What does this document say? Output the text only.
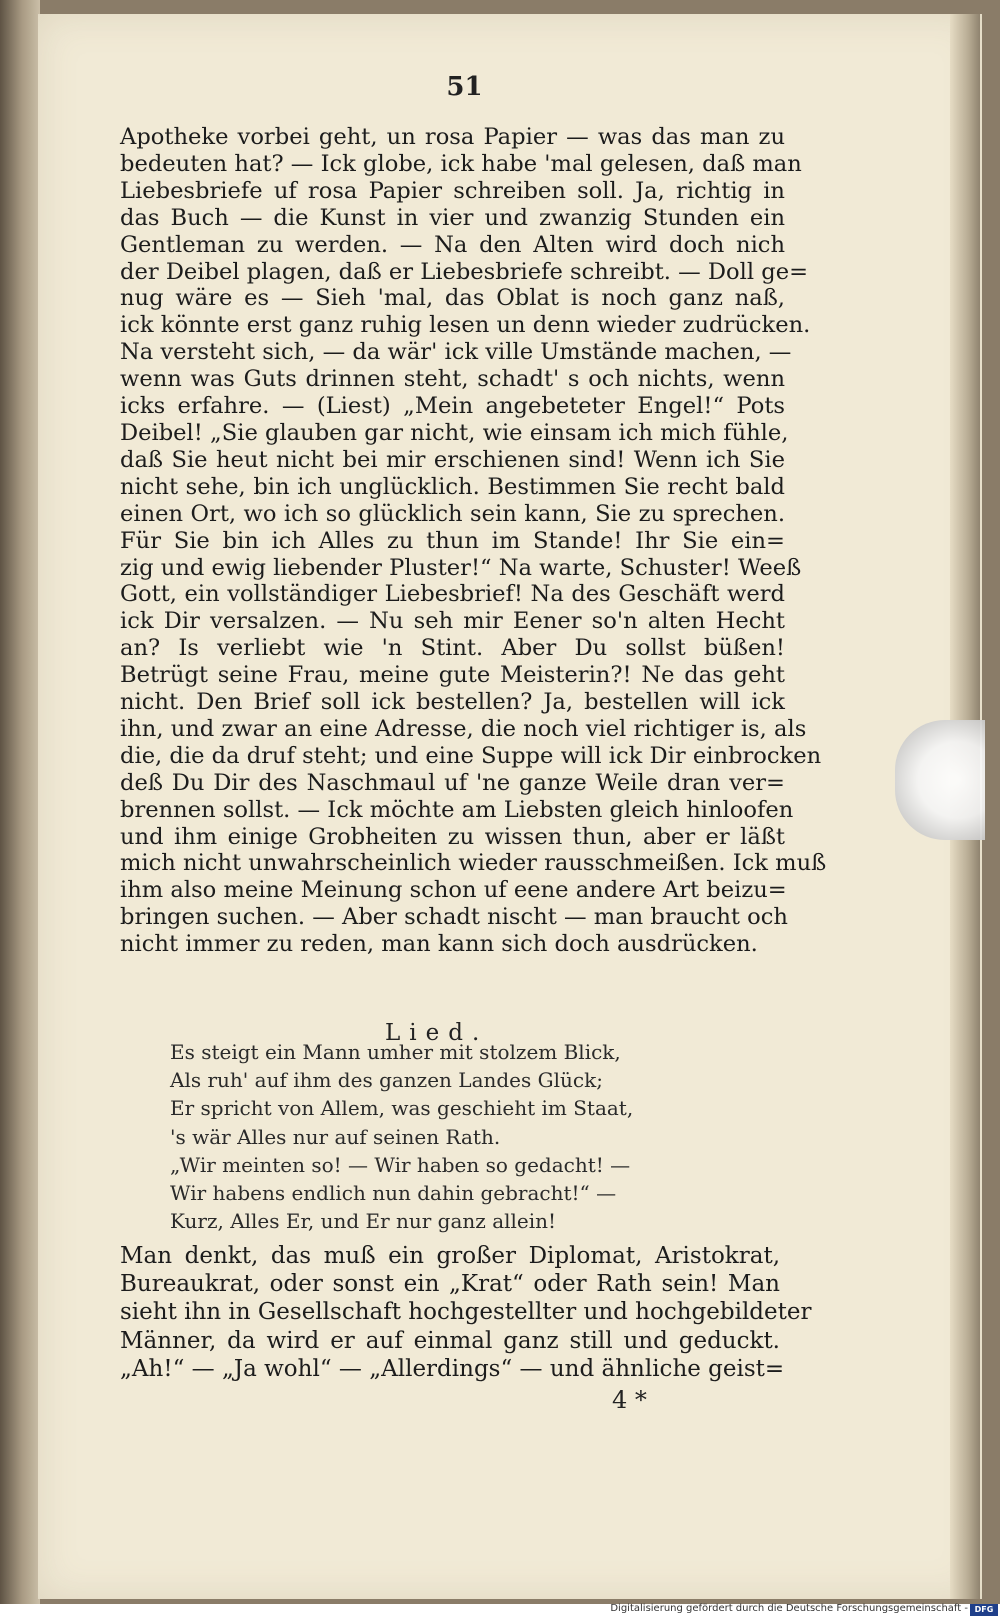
51
Apotheke vorbei geht, un rosa Papier — was das man zu
bedeuten hat? — Ick globe, ick habe 'mal gelesen, daß man
Liebesbriefe uf rosa Papier schreiben soll. Ja, richtig in
das Buch — die Kunst in vier und zwanzig Stunden ein
Gentleman zu werden. — Na den Alten wird doch nich
der Deibel plagen, daß er Liebesbriefe schreibt. — Doll ge=
nug wäre es — Sieh 'mal, das Oblat is noch ganz naß,
ick könnte erst ganz ruhig lesen un denn wieder zudrücken.
Na versteht sich, — da wär' ick ville Umstände machen, —
wenn was Guts drinnen steht, schadt' s och nichts, wenn
icks erfahre. — (Liest) „Mein angebeteter Engel!“ Pots
Deibel! „Sie glauben gar nicht, wie einsam ich mich fühle,
daß Sie heut nicht bei mir erschienen sind! Wenn ich Sie
nicht sehe, bin ich unglücklich. Bestimmen Sie recht bald
einen Ort, wo ich so glücklich sein kann, Sie zu sprechen.
Für Sie bin ich Alles zu thun im Stande! Ihr Sie ein=
zig und ewig liebender Pluster!“ Na warte, Schuster! Weeß
Gott, ein vollständiger Liebesbrief! Na des Geschäft werd
ick Dir versalzen. — Nu seh mir Eener so'n alten Hecht
an? Is verliebt wie 'n Stint. Aber Du sollst büßen!
Betrügt seine Frau, meine gute Meisterin?! Ne das geht
nicht. Den Brief soll ick bestellen? Ja, bestellen will ick
ihn, und zwar an eine Adresse, die noch viel richtiger is, als
die, die da druf steht; und eine Suppe will ick Dir einbrocken
deß Du Dir des Naschmaul uf 'ne ganze Weile dran ver=
brennen sollst. — Ick möchte am Liebsten gleich hinloofen
und ihm einige Grobheiten zu wissen thun, aber er läßt
mich nicht unwahrscheinlich wieder rausschmeißen. Ick muß
ihm also meine Meinung schon uf eene andere Art beizu=
bringen suchen. — Aber schadt nischt — man braucht och
nicht immer zu reden, man kann sich doch ausdrücken.
Lied.
Es steigt ein Mann umher mit stolzem Blick,
Als ruh' auf ihm des ganzen Landes Glück;
Er spricht von Allem, was geschieht im Staat,
's wär Alles nur auf seinen Rath.
„Wir meinten so! — Wir haben so gedacht! —
Wir habens endlich nun dahin gebracht!“ —
Kurz, Alles Er, und Er nur ganz allein!
Man denkt, das muß ein großer Diplomat, Aristokrat,
Bureaukrat, oder sonst ein „Krat“ oder Rath sein! Man
sieht ihn in Gesellschaft hochgestellter und hochgebildeter
Männer, da wird er auf einmal ganz still und geduckt.
„Ah!“ — „Ja wohl“ — „Allerdings“ — und ähnliche geist=
4 *
Digitalisierung gefördert durch die Deutsche Forschungsgemeinschaft - DFG
